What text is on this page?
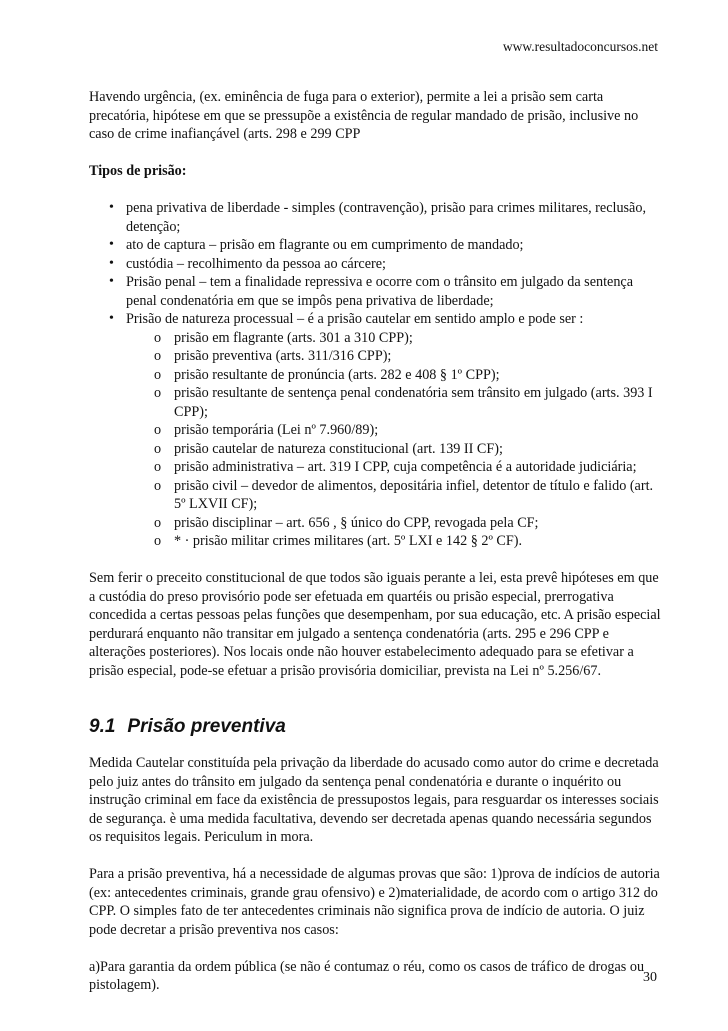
www.resultadoconcursos.net

Havendo urgência, (ex. eminência de fuga para o exterior), permite a lei a prisão sem carta precatória, hipótese em que se pressupõe a existência de regular mandado de prisão, inclusive no caso de crime inafiançável (arts. 298 e 299 CPP

Tipos de prisão:

• pena privativa de liberdade - simples (contravenção), prisão para crimes militares, reclusão, detenção;
• ato de captura – prisão em flagrante ou em cumprimento de mandado;
• custódia – recolhimento da pessoa ao cárcere;
• Prisão penal – tem a finalidade repressiva e ocorre com o trânsito em julgado da sentença penal condenatória em que se impôs pena privativa de liberdade;
• Prisão de natureza processual – é a prisão cautelar em sentido amplo e pode ser :
o prisão em flagrante (arts. 301 a 310 CPP);
o prisão preventiva (arts. 311/316 CPP);
o prisão resultante de pronúncia (arts. 282 e 408 § 1º CPP);
o prisão resultante de sentença penal condenatória sem trânsito em julgado (arts. 393 I CPP);
o prisão temporária (Lei nº 7.960/89);
o prisão cautelar de natureza constitucional (art. 139 II CF);
o prisão administrativa – art. 319 I CPP, cuja competência é a autoridade judiciária;
o prisão civil – devedor de alimentos, depositária infiel, detentor de título e falido (art. 5º LXVII CF);
o prisão disciplinar – art. 656 , § único do CPP, revogada pela CF;
o * · prisão militar crimes militares (art. 5º LXI e 142 § 2º CF).

Sem ferir o preceito constitucional de que todos são iguais perante a lei, esta prevê hipóteses em que a custódia do preso provisório pode ser efetuada em quartéis ou prisão especial, prerrogativa concedida a certas pessoas pelas funções que desempenham, por sua educação, etc. A prisão especial perdurará enquanto não transitar em julgado a sentença condenatória (arts. 295 e 296 CPP e alterações posteriores). Nos locais onde não houver estabelecimento adequado para se efetivar a prisão especial, pode-se efetuar a prisão provisória domiciliar, prevista na Lei nº 5.256/67.

9.1 Prisão preventiva

Medida Cautelar constituída pela privação da liberdade do acusado como autor do crime e decretada pelo juiz antes do trânsito em julgado da sentença penal condenatória e durante o inquérito ou instrução criminal em face da existência de pressupostos legais, para resguardar os interesses sociais de segurança. è uma medida facultativa, devendo ser decretada apenas quando necessária segundos os requisitos legais. Periculum in mora.

Para a prisão preventiva, há a necessidade de algumas provas que são: 1)prova de indícios de autoria (ex: antecedentes criminais, grande grau ofensivo) e 2)materialidade, de acordo com o artigo 312 do CPP. O simples fato de ter antecedentes criminais não significa prova de indício de autoria. O juiz pode decretar a prisão preventiva nos casos:

a)Para garantia da ordem pública (se não é contumaz o réu, como os casos de tráfico de drogas ou pistolagem).	30
